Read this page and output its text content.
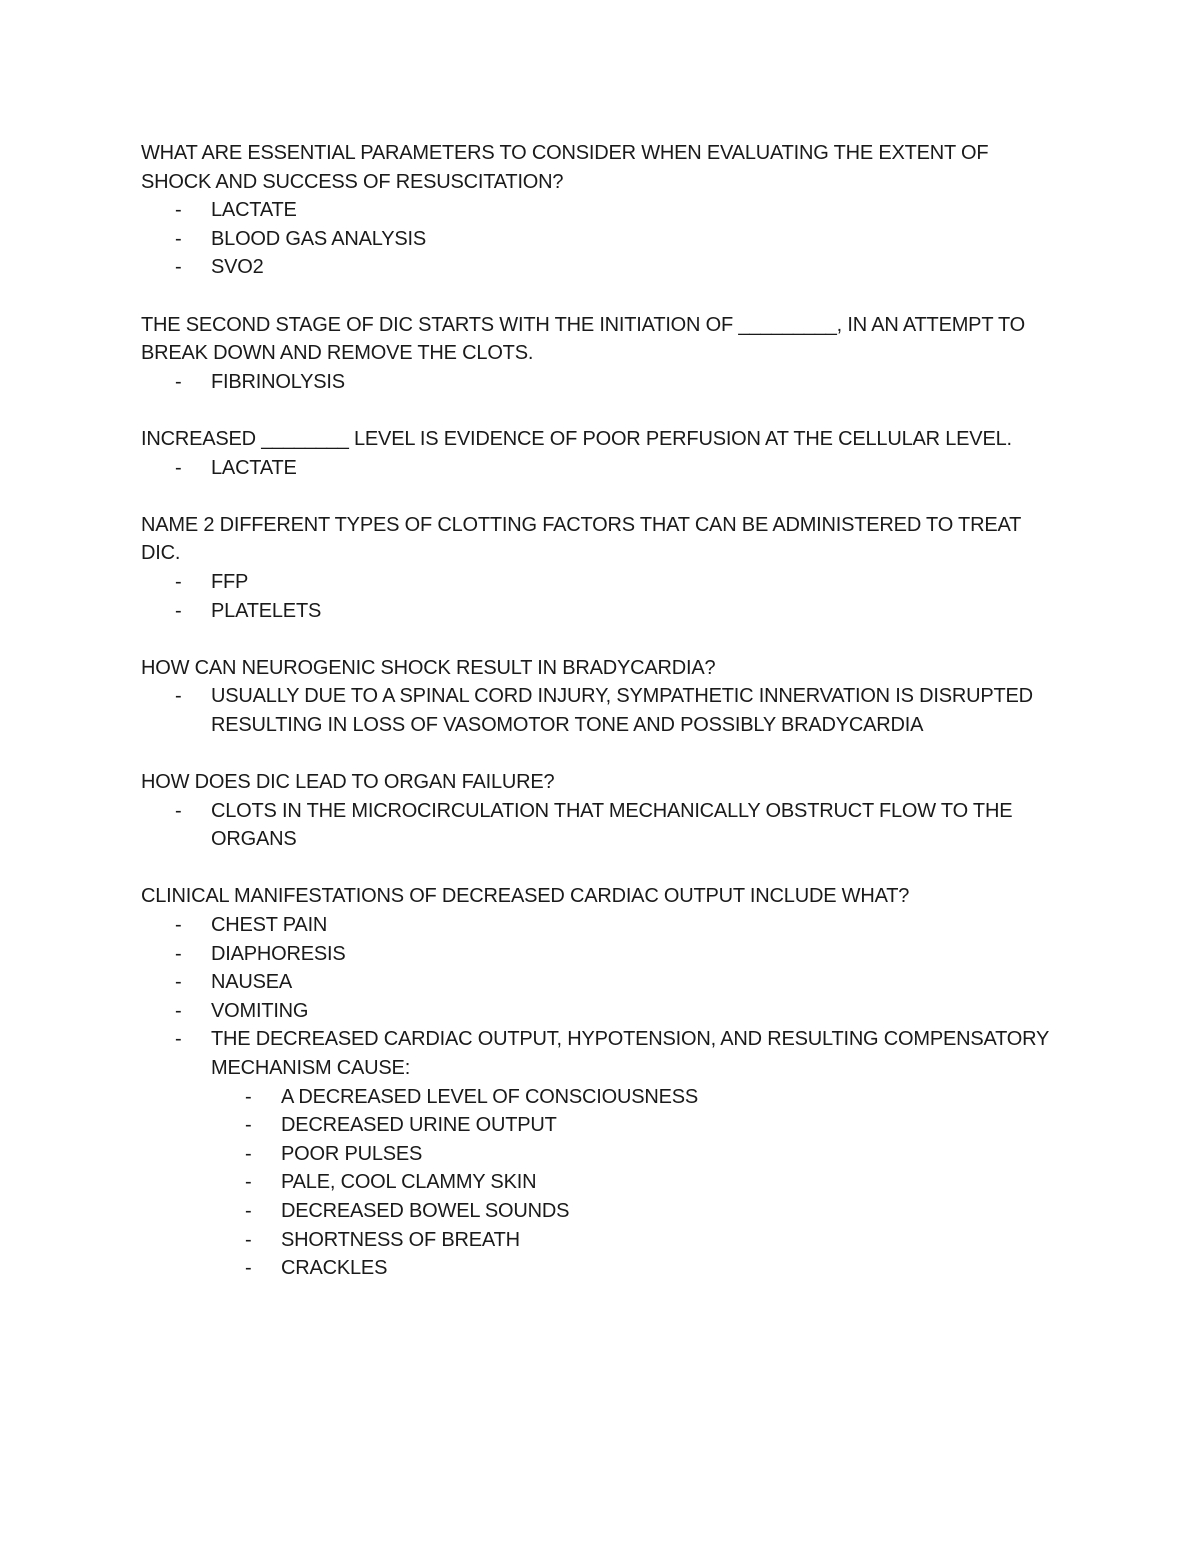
WHAT ARE ESSENTIAL PARAMETERS TO CONSIDER WHEN EVALUATING THE EXTENT OF SHOCK AND SUCCESS OF RESUSCITATION?

- LACTATE
- BLOOD GAS ANALYSIS
- SVO2

THE SECOND STAGE OF DIC STARTS WITH THE INITIATION OF _________, IN AN ATTEMPT TO BREAK DOWN AND REMOVE THE CLOTS.

- FIBRINOLYSIS

INCREASED ________ LEVEL IS EVIDENCE OF POOR PERFUSION AT THE CELLULAR LEVEL.

- LACTATE

NAME 2 DIFFERENT TYPES OF CLOTTING FACTORS THAT CAN BE ADMINISTERED TO TREAT DIC.

- FFP
- PLATELETS

HOW CAN NEUROGENIC SHOCK RESULT IN BRADYCARDIA?

- USUALLY DUE TO A SPINAL CORD INJURY, SYMPATHETIC INNERVATION IS DISRUPTED RESULTING IN LOSS OF VASOMOTOR TONE AND POSSIBLY BRADYCARDIA

HOW DOES DIC LEAD TO ORGAN FAILURE?

- CLOTS IN THE MICROCIRCULATION THAT MECHANICALLY OBSTRUCT FLOW TO THE ORGANS

CLINICAL MANIFESTATIONS OF DECREASED CARDIAC OUTPUT INCLUDE WHAT?

- CHEST PAIN
- DIAPHORESIS
- NAUSEA
- VOMITING
- THE DECREASED CARDIAC OUTPUT, HYPOTENSION, AND RESULTING COMPENSATORY MECHANISM CAUSE:
- A DECREASED LEVEL OF CONSCIOUSNESS
- DECREASED URINE OUTPUT
- POOR PULSES
- PALE, COOL CLAMMY SKIN
- DECREASED BOWEL SOUNDS
- SHORTNESS OF BREATH
- CRACKLES
